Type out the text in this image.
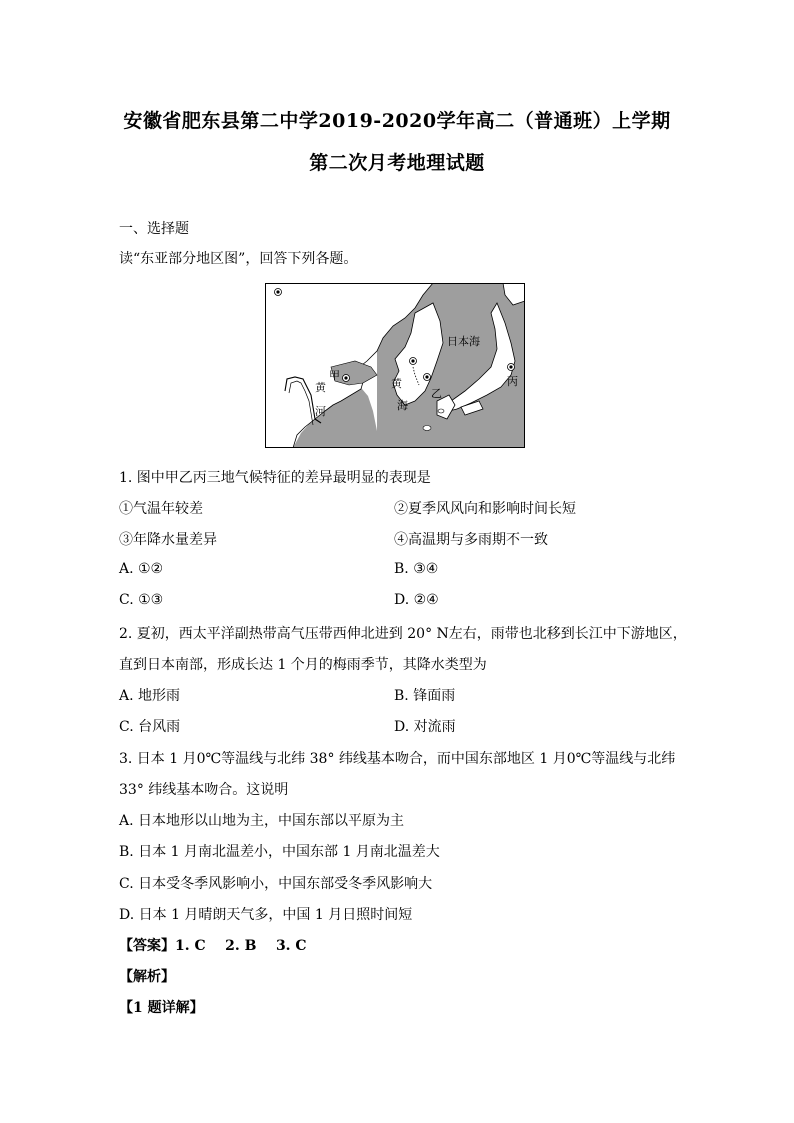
安徽省肥东县第二中学2019-2020学年高二（普通班）上学期
第二次月考地理试题
一、选择题
读“东亚部分地区图”，回答下列各题。
甲
乙
丙
黄
海
黄
河
日本海
1. 图中甲乙丙三地气候特征的差异最明显的表现是
①气温年较差	②夏季风风向和影响时间长短
③年降水量差异	④高温期与多雨期不一致
A. ①②	B. ③④
C. ①③	D. ②④
2. 夏初，西太平洋副热带高气压带西伸北进到 20° N左右，雨带也北移到长江中下游地区，
直到日本南部，形成长达 1 个月的梅雨季节，其降水类型为
A. 地形雨	B. 锋面雨
C. 台风雨	D. 对流雨
3. 日本 1 月0℃等温线与北纬 38° 纬线基本吻合，而中国东部地区 1 月0℃等温线与北纬
33° 纬线基本吻合。这说明
A. 日本地形以山地为主，中国东部以平原为主
B. 日本 1 月南北温差小，中国东部 1 月南北温差大
C. 日本受冬季风影响小，中国东部受冬季风影响大
D. 日本 1 月晴朗天气多，中国 1 月日照时间短
【答案】1. C    2. B    3. C
【解析】
【1 题详解】
